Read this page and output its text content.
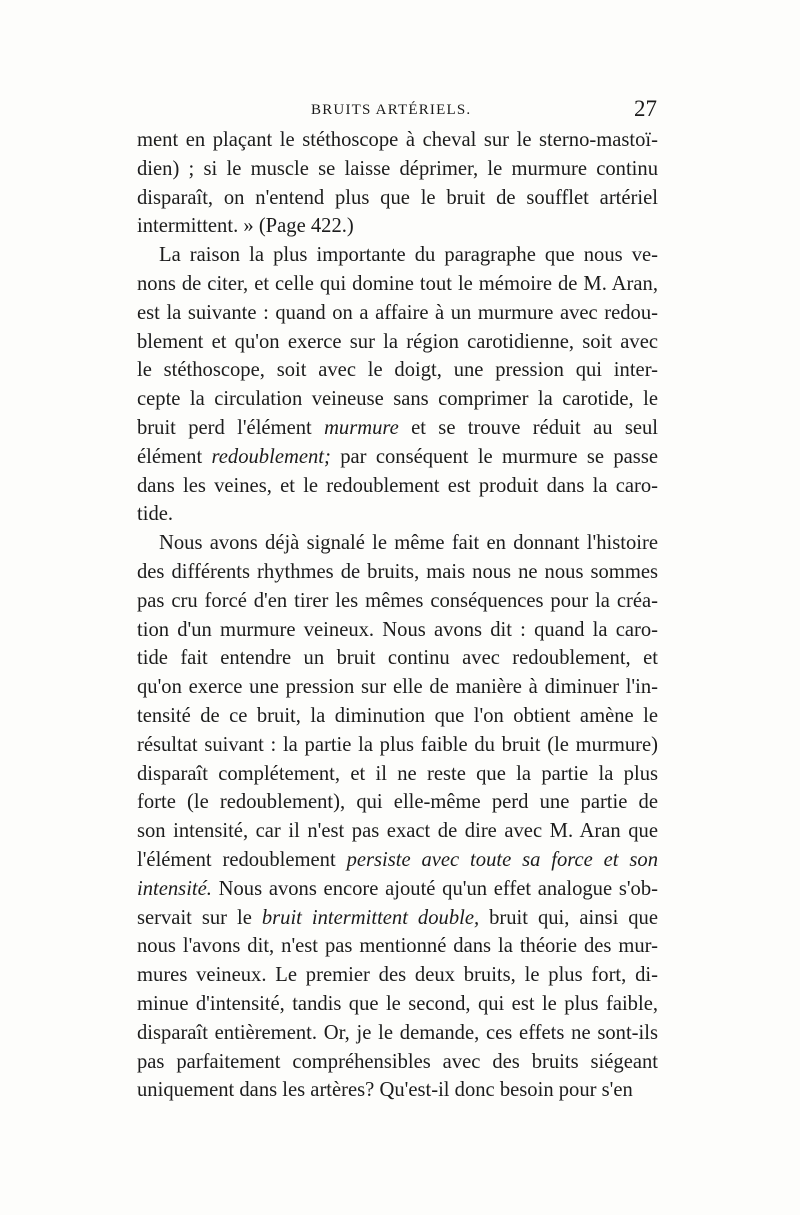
BRUITS ARTÉRIELS.	27
ment en plaçant le stéthoscope à cheval sur le sterno-mastoï-
dien) ; si le muscle se laisse déprimer, le murmure continu
disparaît, on n'entend plus que le bruit de soufflet artériel
intermittent. » (Page 422.)
La raison la plus importante du paragraphe que nous ve-
nons de citer, et celle qui domine tout le mémoire de M. Aran,
est la suivante : quand on a affaire à un murmure avec redou-
blement et qu'on exerce sur la région carotidienne, soit avec
le stéthoscope, soit avec le doigt, une pression qui inter-
cepte la circulation veineuse sans comprimer la carotide, le
bruit perd l'élément murmure et se trouve réduit au seul
élément redoublement; par conséquent le murmure se passe
dans les veines, et le redoublement est produit dans la caro-
tide.
Nous avons déjà signalé le même fait en donnant l'histoire
des différents rhythmes de bruits, mais nous ne nous sommes
pas cru forcé d'en tirer les mêmes conséquences pour la créa-
tion d'un murmure veineux. Nous avons dit : quand la caro-
tide fait entendre un bruit continu avec redoublement, et
qu'on exerce une pression sur elle de manière à diminuer l'in-
tensité de ce bruit, la diminution que l'on obtient amène le
résultat suivant : la partie la plus faible du bruit (le murmure)
disparaît complétement, et il ne reste que la partie la plus
forte (le redoublement), qui elle-même perd une partie de
son intensité, car il n'est pas exact de dire avec M. Aran que
l'élément redoublement persiste avec toute sa force et son
intensité. Nous avons encore ajouté qu'un effet analogue s'ob-
servait sur le bruit intermittent double, bruit qui, ainsi que
nous l'avons dit, n'est pas mentionné dans la théorie des mur-
mures veineux. Le premier des deux bruits, le plus fort, di-
minue d'intensité, tandis que le second, qui est le plus faible,
disparaît entièrement. Or, je le demande, ces effets ne sont-ils
pas parfaitement compréhensibles avec des bruits siégeant
uniquement dans les artères? Qu'est-il donc besoin pour s'en
